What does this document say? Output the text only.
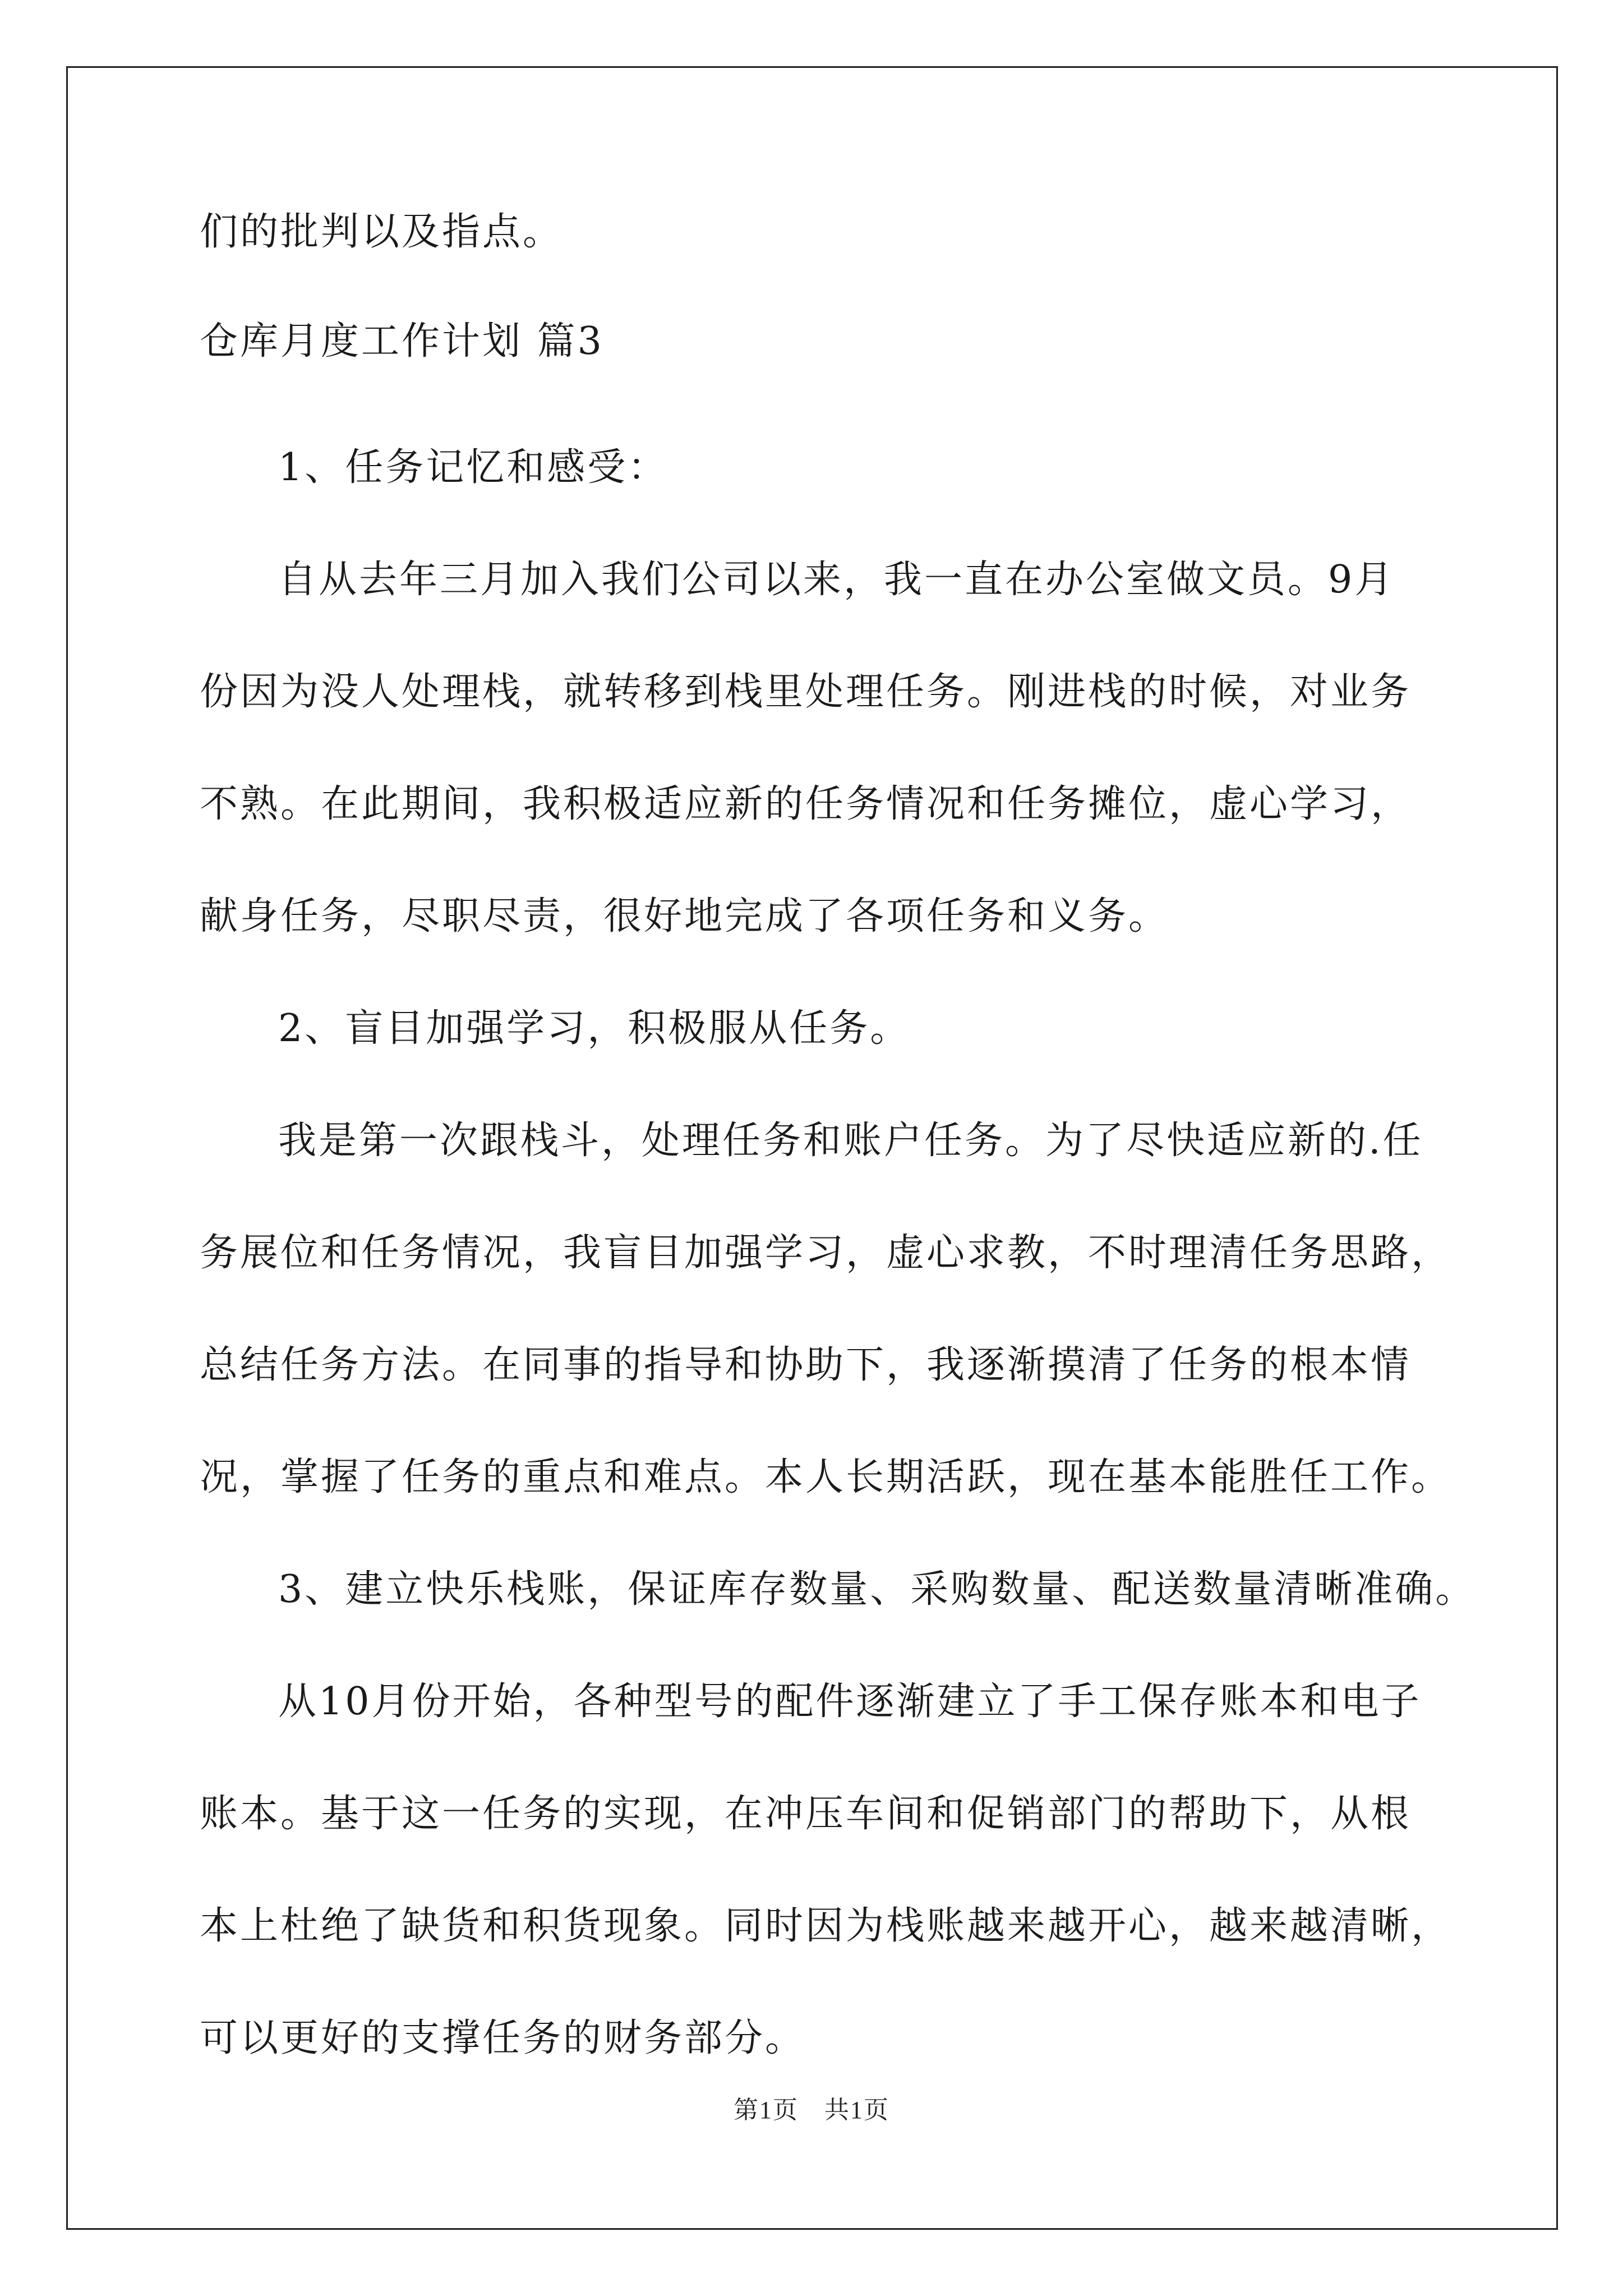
们的批判以及指点。
仓库月度工作计划 篇3
1、任务记忆和感受：
自从去年三月加入我们公司以来，我一直在办公室做文员。9月
份因为没人处理栈，就转移到栈里处理任务。刚进栈的时候，对业务
不熟。在此期间，我积极适应新的任务情况和任务摊位，虚心学习，
献身任务，尽职尽责，很好地完成了各项任务和义务。
2、盲目加强学习，积极服从任务。
我是第一次跟栈斗，处理任务和账户任务。为了尽快适应新的.任
务展位和任务情况，我盲目加强学习，虚心求教，不时理清任务思路，
总结任务方法。在同事的指导和协助下，我逐渐摸清了任务的根本情
况，掌握了任务的重点和难点。本人长期活跃，现在基本能胜任工作。
3、建立快乐栈账，保证库存数量、采购数量、配送数量清晰准确。
从10月份开始，各种型号的配件逐渐建立了手工保存账本和电子
账本。基于这一任务的实现，在冲压车间和促销部门的帮助下，从根
本上杜绝了缺货和积货现象。同时因为栈账越来越开心，越来越清晰，
可以更好的支撑任务的财务部分。
第1页　共1页
